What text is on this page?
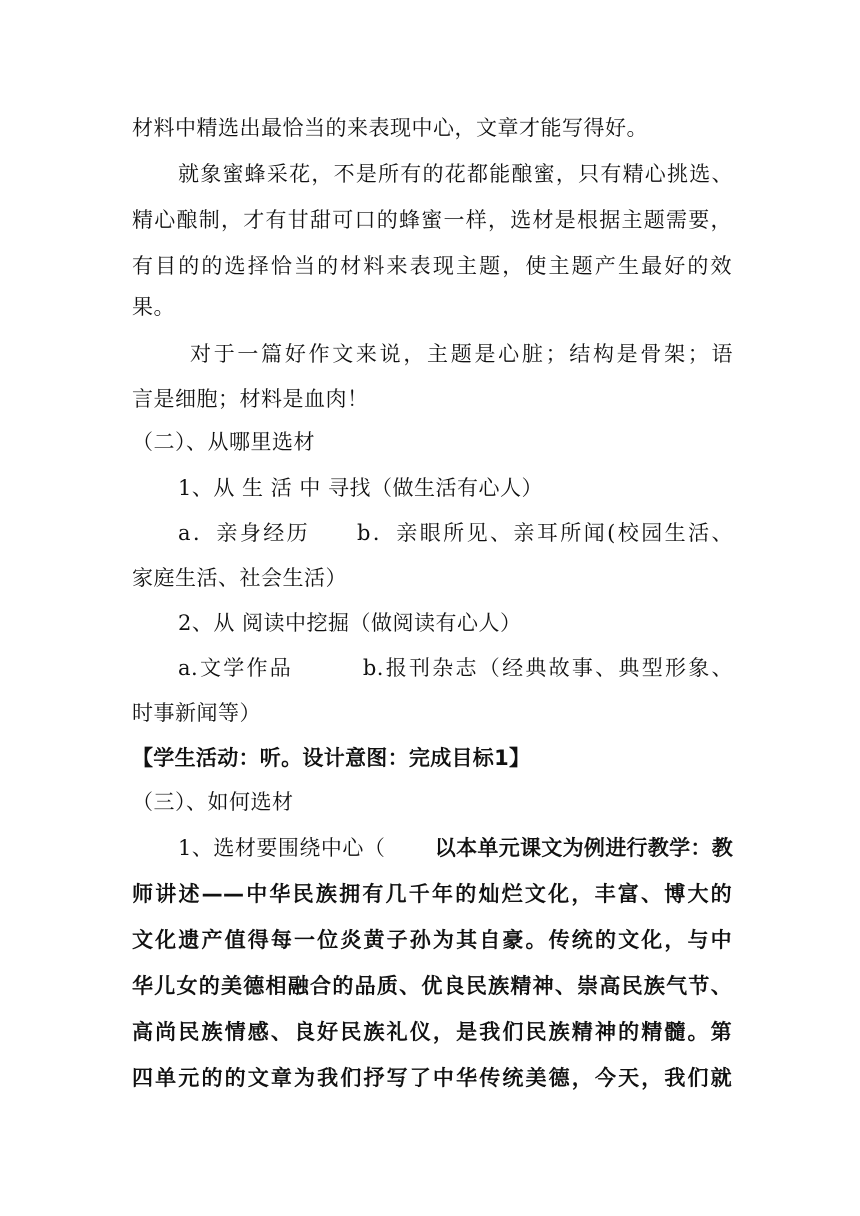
材料中精选出最恰当的来表现中心，文章才能写得好。
就象蜜蜂采花，不是所有的花都能酿蜜，只有精心挑选、
精心酿制，才有甘甜可口的蜂蜜一样，选材是根据主题需要，
有目的的选择恰当的材料来表现主题，使主题产生最好的效
果。
对于一篇好作文来说，主题是心脏；结构是骨架；语
言是细胞；材料是血肉！
（二）、从哪里选材
1、从 生 活 中 寻找（做生活有心人）
a．亲身经历　　b．亲眼所见、亲耳所闻(校园生活、
家庭生活、社会生活）
2、从 阅读中挖掘（做阅读有心人）
a.文学作品　　　b.报刊杂志（经典故事、典型形象、
时事新闻等）
【学生活动：听。设计意图：完成目标1】
（三）、如何选材
1、选材要围绕中心（ 以本单元课文为例进行教学：教
师讲述——中华民族拥有几千年的灿烂文化，丰富、博大的
文化遗产值得每一位炎黄子孙为其自豪。传统的文化，与中
华儿女的美德相融合的品质、优良民族精神、崇高民族气节、
高尚民族情感、良好民族礼仪，是我们民族精神的精髓。第
四单元的的文章为我们抒写了中华传统美德，今天，我们就
